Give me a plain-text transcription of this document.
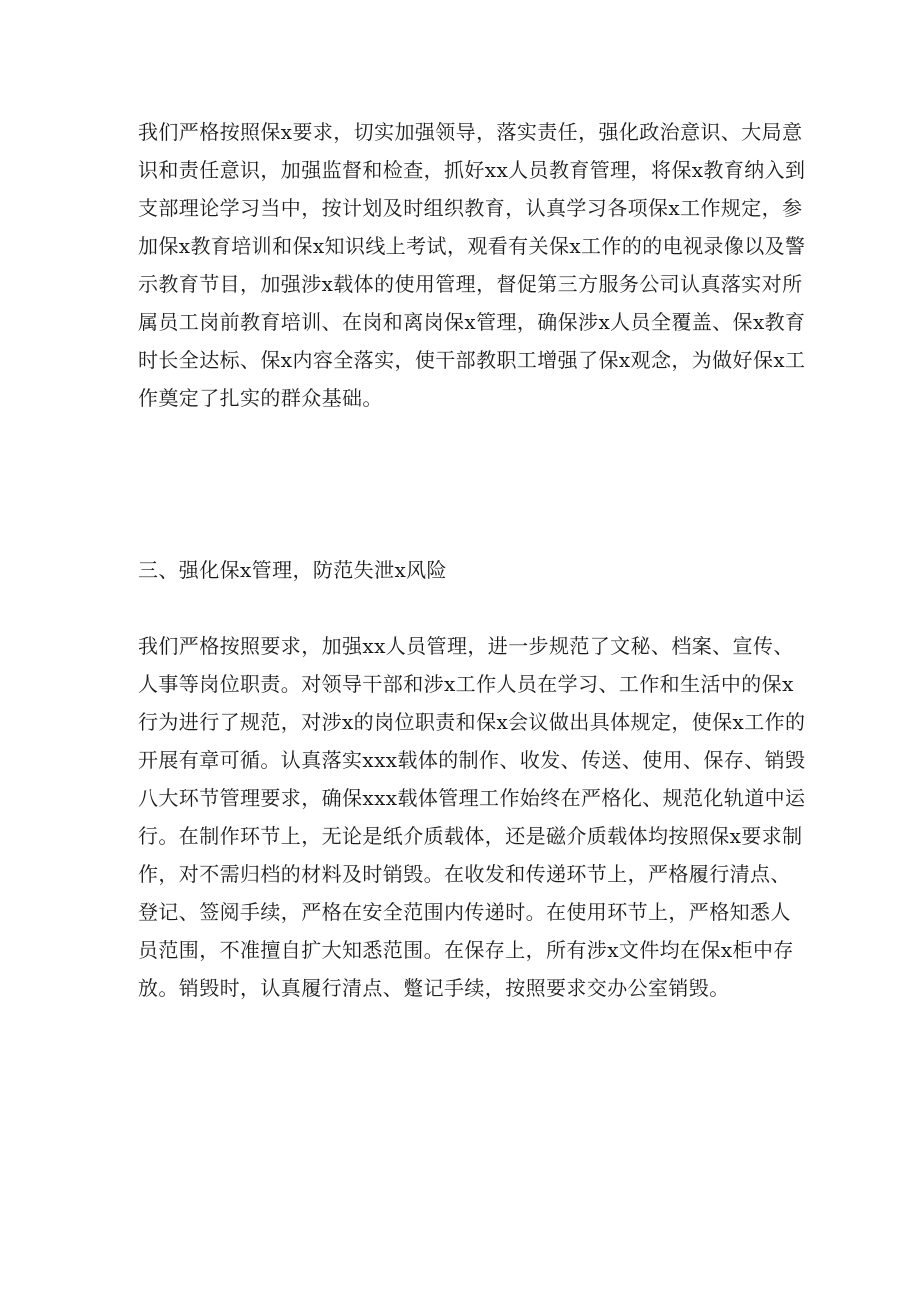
我们严格按照保x要求，切实加强领导，落实责任，强化政治意识、大局意
识和责任意识，加强监督和检查，抓好xx人员教育管理，将保x教育纳入到
支部理论学习当中，按计划及时组织教育，认真学习各项保x工作规定，参
加保x教育培训和保x知识线上考试，观看有关保x工作的的电视录像以及警
示教育节目，加强涉x载体的使用管理，督促第三方服务公司认真落实对所
属员工岗前教育培训、在岗和离岗保x管理，确保涉x人员全覆盖、保x教育
时长全达标、保x内容全落实，使干部教职工增强了保x观念，为做好保x工
作奠定了扎实的群众基础。
三、强化保x管理，防范失泄x风险
我们严格按照要求，加强xx人员管理，进一步规范了文秘、档案、宣传、
人事等岗位职责。对领导干部和涉x工作人员在学习、工作和生活中的保x
行为进行了规范，对涉x的岗位职责和保x会议做出具体规定，使保x工作的
开展有章可循。认真落实xxx载体的制作、收发、传送、使用、保存、销毁
八大环节管理要求，确保xxx载体管理工作始终在严格化、规范化轨道中运
行。在制作环节上，无论是纸介质载体，还是磁介质载体均按照保x要求制
作，对不需归档的材料及时销毁。在收发和传递环节上，严格履行清点、
登记、签阅手续，严格在安全范围内传递时。在使用环节上，严格知悉人
员范围，不准擅自扩大知悉范围。在保存上，所有涉x文件均在保x柜中存
放。销毁时，认真履行清点、蹩记手续，按照要求交办公室销毁。
